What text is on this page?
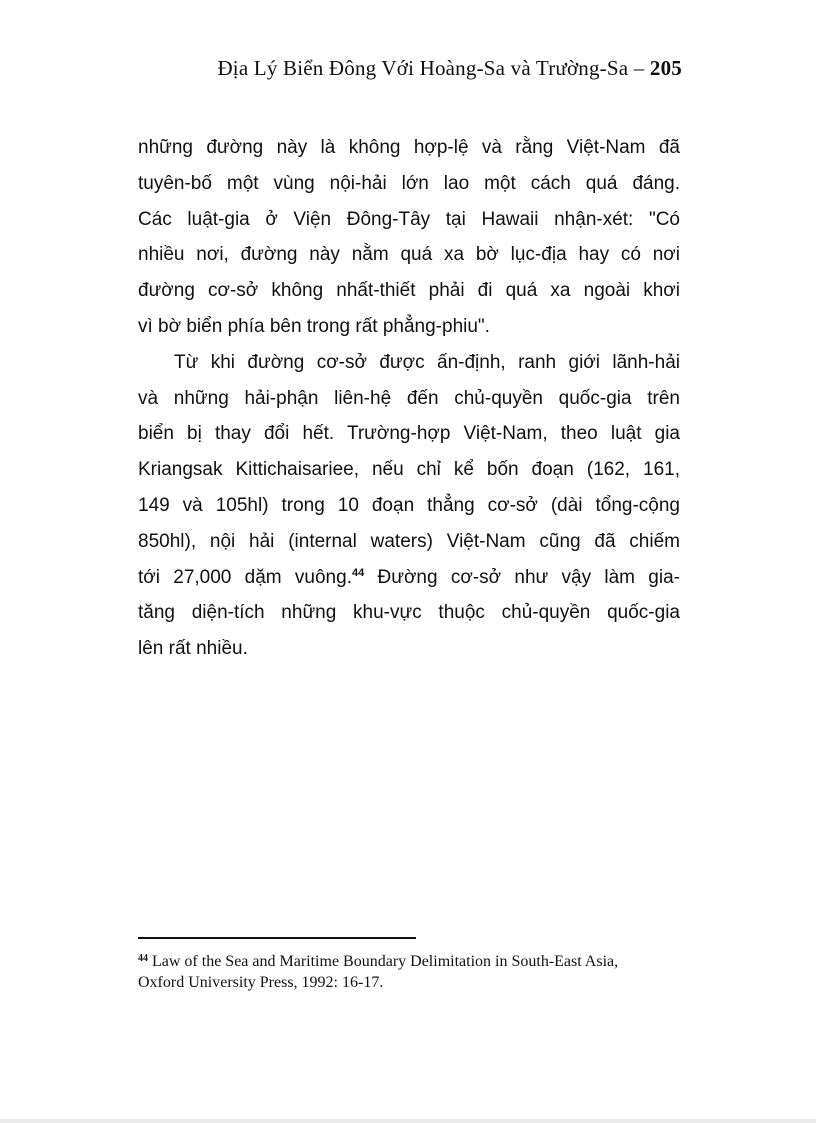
Địa Lý Biển Đông Với Hoàng-Sa và Trường-Sa – 205
những đường này là không hợp-lệ và rằng Việt-Nam đã
tuyên-bố một vùng nội-hải lớn lao một cách quá đáng.
Các luật-gia ở Viện Đông-Tây tại Hawaii nhận-xét: "Có
nhiều nơi, đường này nằm quá xa bờ lục-địa hay có nơi
đường cơ-sở không nhất-thiết phải đi quá xa ngoài khơi
vì bờ biển phía bên trong rất phẳng-phiu".
Từ khi đường cơ-sở được ấn-định, ranh giới lãnh-hải
và những hải-phận liên-hệ đến chủ-quyền quốc-gia trên
biển bị thay đổi hết. Trường-hợp Việt-Nam, theo luật gia
Kriangsak Kittichaisariee, nếu chỉ kể bốn đoạn (162, 161,
149 và 105hl) trong 10 đoạn thẳng cơ-sở (dài tổng-cộng
850hl), nội hải (internal waters) Việt-Nam cũng đã chiếm
tới 27,000 dặm vuông.$^{44}$ Đường cơ-sở như vậy làm gia-
tăng diện-tích những khu-vực thuộc chủ-quyền quốc-gia
lên rất nhiều.
$^{44}$ Law of the Sea and Maritime Boundary Delimitation in South-East Asia,
Oxford University Press, 1992: 16-17.
